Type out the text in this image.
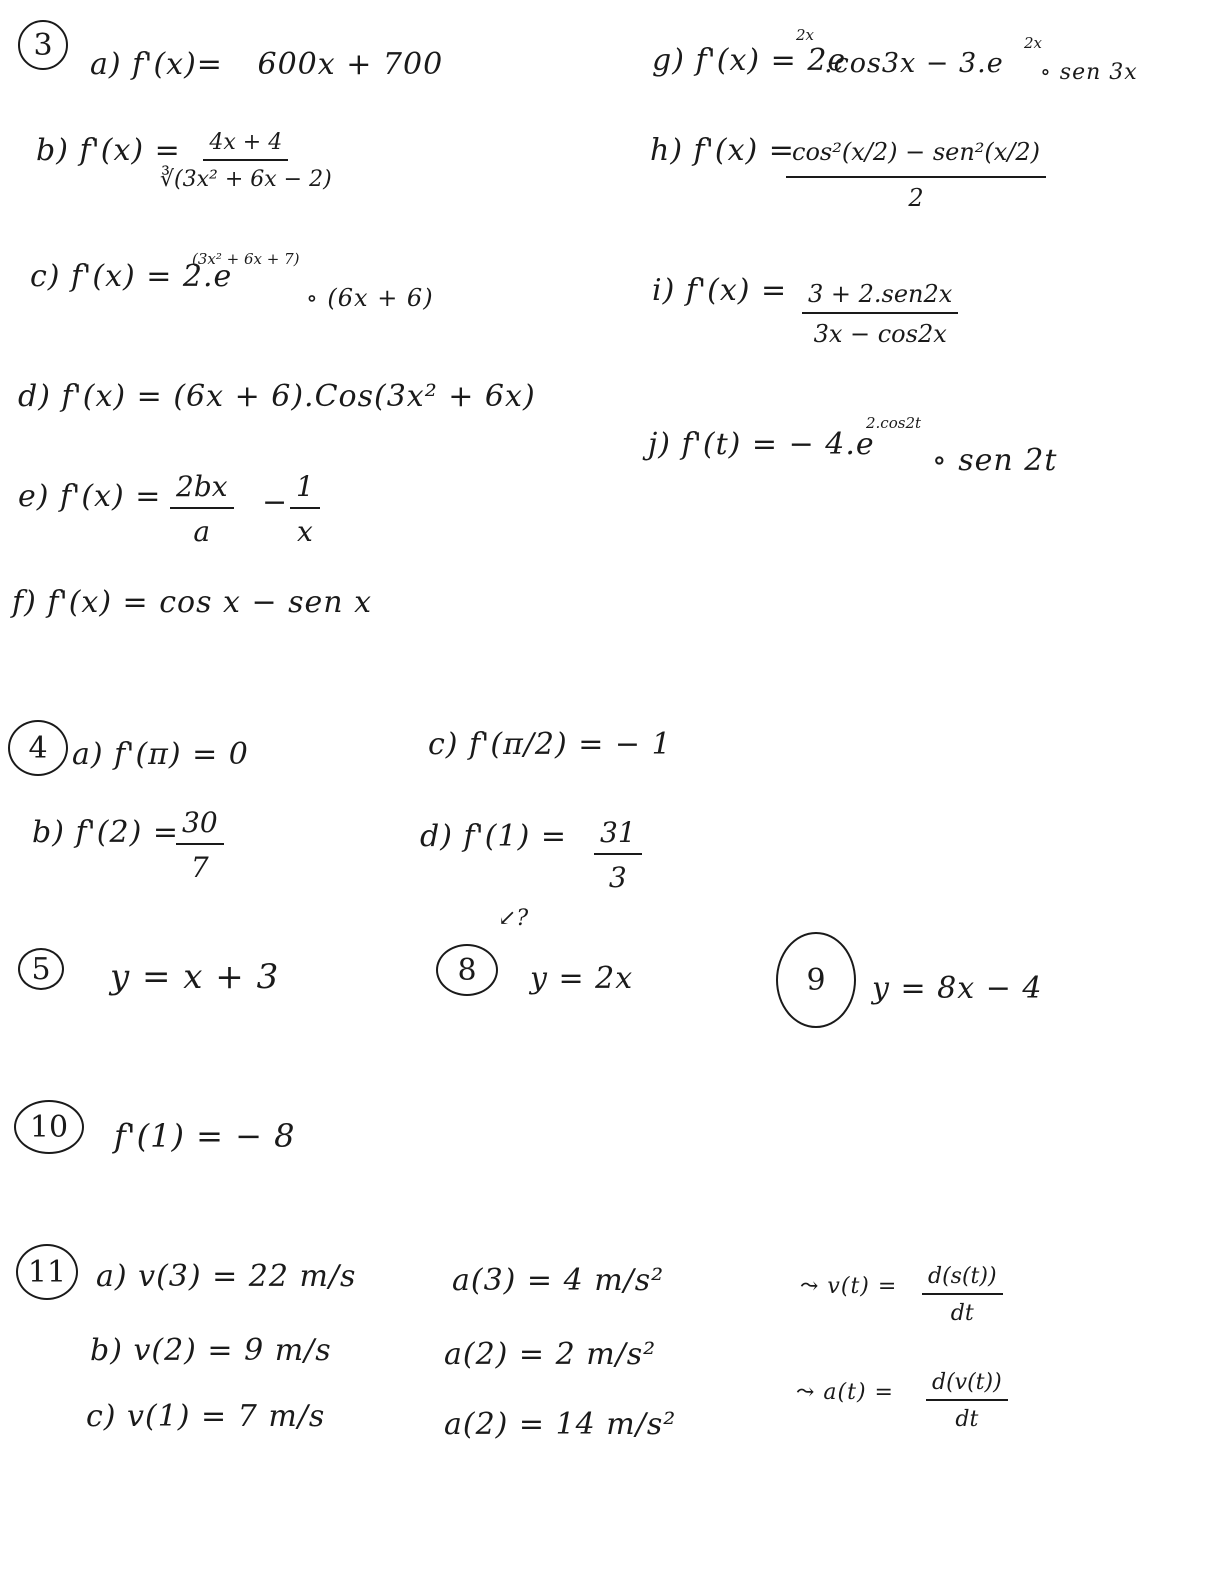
3
a) f'(x)= 600x + 700
b) f'(x) =
$\frac{4x + 4}{\text{∛(3x² + 6x − 2)}}$
c) f'(x) = 2.e
(3x² + 6x + 7)
∘ (6x + 6)
d) f'(x) = (6x + 6).Cos(3x² + 6x)
e) $f'(x) = \frac{2bx}{a} - \frac{1}{x}$
f) f'(x) = cos x − sen x
g) f'(x) = 2e
2x
.cos3x − 3.e
2x
∘ sen 3x
h) f'(x) =
cos²(x/2) − sen²(x/2)
2
i) f'(x) = 3 + 2.sen2x
3x − cos2x
j) f'(t) = − 4.e
2.cos2t
∘ sen 2t
4 a) f'(π) = 0	c) f'(π/2) = − 1
b) f'(2) =
$\frac{30}{7}$	d) $f'(1) = \frac{31}{3}$
5	y = x + 3	8
↙?
y = 2x	9	y = 8x − 4
10	f'(1) = − 8
11 a) v(3) = 22 m/s	a(3) = 4 m/s²
b) v(2) = 9 m/s	a(2) = 2 m/s²
c) v(1) = 7 m/s	a(2) = 14 m/s²
⤳ $v(t) = \frac{d(s(t))}{dt}$
⤳ $a(t) = \frac{d(v(t))}{dt}$
